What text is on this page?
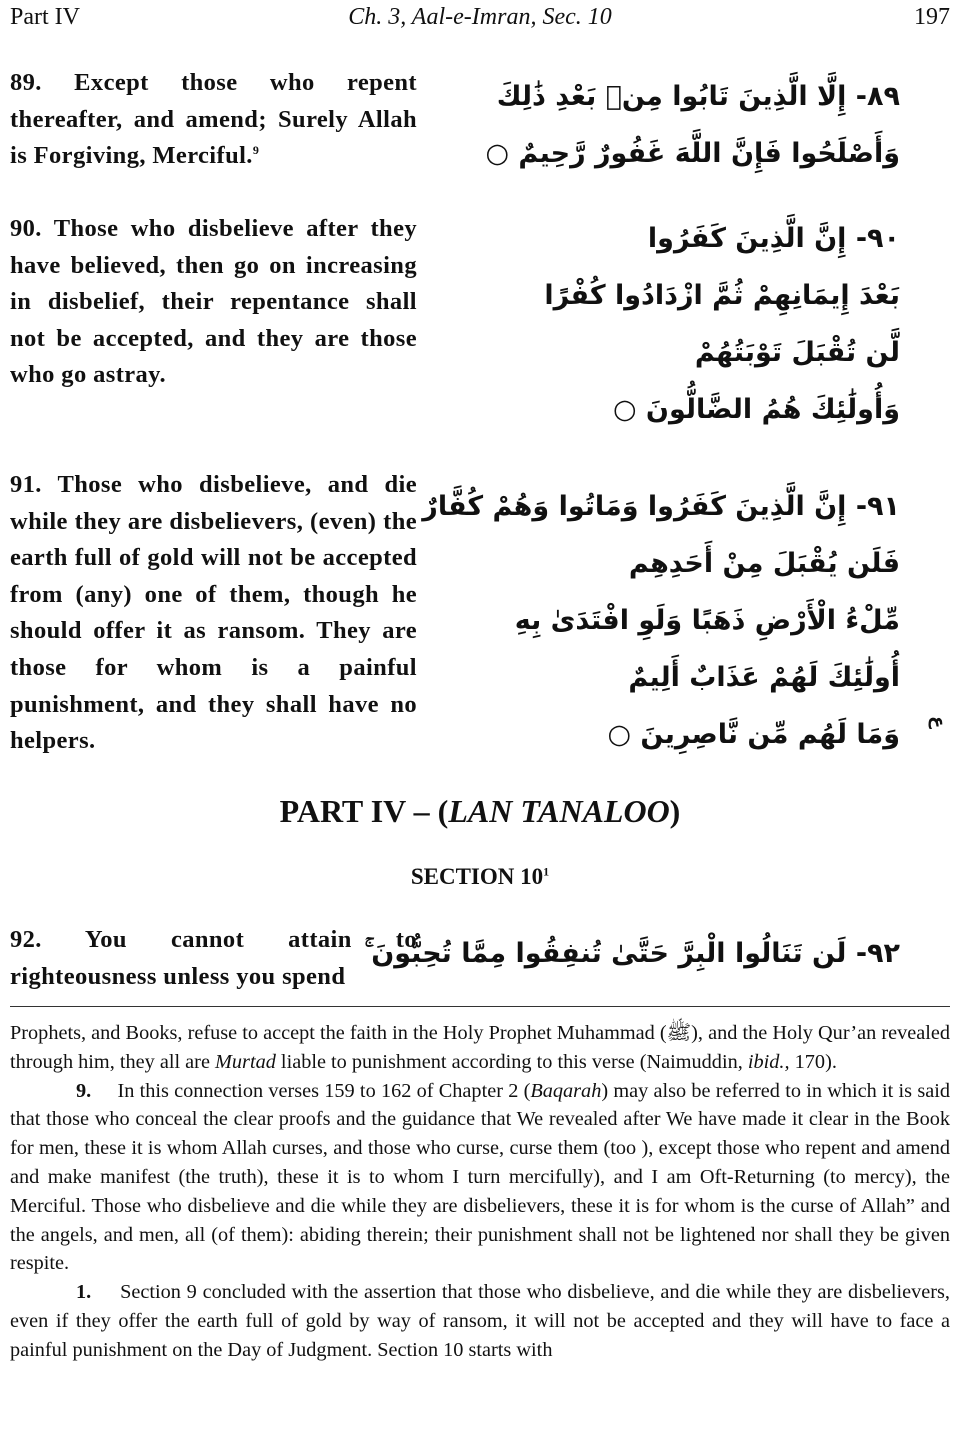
Part IV	Ch. 3, Aal-e-Imran, Sec. 10	197
89. Except those who repent thereafter, and amend; Surely Allah is Forgiving, Merciful.$^9$
٨٩- إِلَّا الَّذِينَ تَابُوا مِنۢ بَعْدِ ذَٰلِكَ
وَأَصْلَحُوا فَإِنَّ اللَّهَ غَفُورٌ رَّحِيمٌ ○
90. Those who disbelieve after they have believed, then go on increasing in disbelief, their repentance shall not be accepted, and they are those who go astray.
٩٠- إِنَّ الَّذِينَ كَفَرُوا
بَعْدَ إِيمَانِهِمْ ثُمَّ ازْدَادُوا كُفْرًا
لَّن تُقْبَلَ تَوْبَتُهُمْ
وَأُولَٰئِكَ هُمُ الضَّالُّونَ ○
91. Those who disbelieve, and die while they are disbelievers, (even) the earth full of gold will not be accepted from (any) one of them, though he should offer it as ransom. They are those for whom is a painful punishment, and they shall have no helpers.
٩١- إِنَّ الَّذِينَ كَفَرُوا وَمَاتُوا وَهُمْ كُفَّارٌ
فَلَن يُقْبَلَ مِنْ أَحَدِهِم
مِّلْءُ الْأَرْضِ ذَهَبًا وَلَوِ افْتَدَىٰ بِهِ
أُولَٰئِكَ لَهُمْ عَذَابٌ أَلِيمٌ
وَمَا لَهُم مِّن نَّاصِرِينَ ○ ع
PART IV – (LAN TANALOO)
SECTION $10^1$
92. You cannot attain to righteousness unless you spend
٩٢- لَن تَنَالُوا الْبِرَّ حَتَّىٰ تُنفِقُوا مِمَّا تُحِبُّونَ ۚ

Prophets, and Books, refuse to accept the faith in the Holy Prophet Muhammad (ﷺ), and the Holy Qur’an revealed through him, they all are Murtad liable to punishment according to this verse (Naimuddin, ibid., 170).

9. In this connection verses 159 to 162 of Chapter 2 (Baqarah) may also be referred to in which it is said that those who conceal the clear proofs and the guidance that We revealed after We have made it clear in the Book for men, these it is whom Allah curses, and those who curse, curse them (too ), except those who repent and amend and make manifest (the truth), these it is to whom I turn mercifully), and I am Oft-Returning (to mercy), the Merciful. Those who disbelieve and die while they are disbelievers, these it is for whom is the curse of Allah” and the angels, and men, all (of them): abiding therein; their punishment shall not be lightened nor shall they be given respite.

1. Section 9 concluded with the assertion that those who disbelieve, and die while they are disbelievers, even if they offer the earth full of gold by way of ransom, it will not be accepted and they will have to face a painful punishment on the Day of Judgment. Section 10 starts with
